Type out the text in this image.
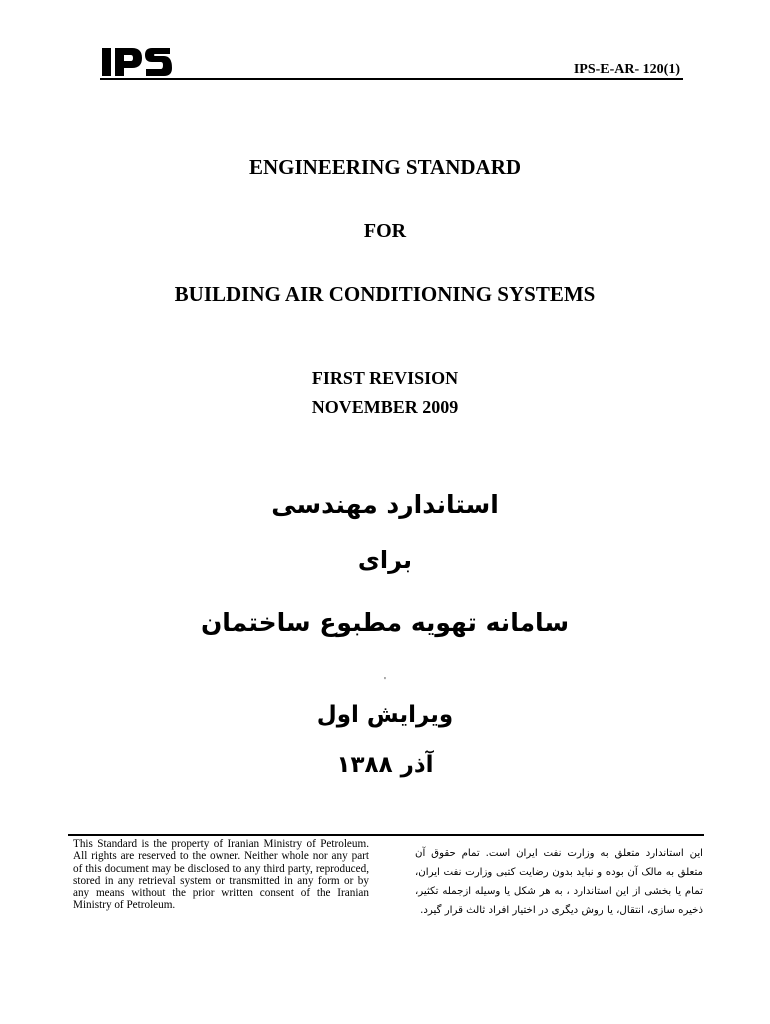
IPS-E-AR- 120(1)
ENGINEERING STANDARD
FOR
BUILDING AIR CONDITIONING SYSTEMS
FIRST REVISION
NOVEMBER 2009
استاندارد مهندسی
برای
سامانه تهویه مطبوع ساختمان
'
ویرایش اول
آذر ۱۳۸۸
This Standard is the property of Iranian Ministry of Petroleum. All rights are reserved to the owner. Neither whole nor any part of this document may be disclosed to any third party, reproduced, stored in any retrieval system or transmitted in any form or by any means without the prior written consent of the Iranian Ministry of Petroleum.
این استاندارد متعلق به وزارت نفت ایران است. تمام حقوق آن متعلق به مالک آن بوده و نباید بدون رضایت کتبی وزارت نفت ایران، تمام یا بخشی از این استاندارد ، به هر شکل یا وسیله ازجمله تکثیر، ذخیره سازی، انتقال، یا روش دیگری در اختیار افراد ثالث قرار گیرد.
